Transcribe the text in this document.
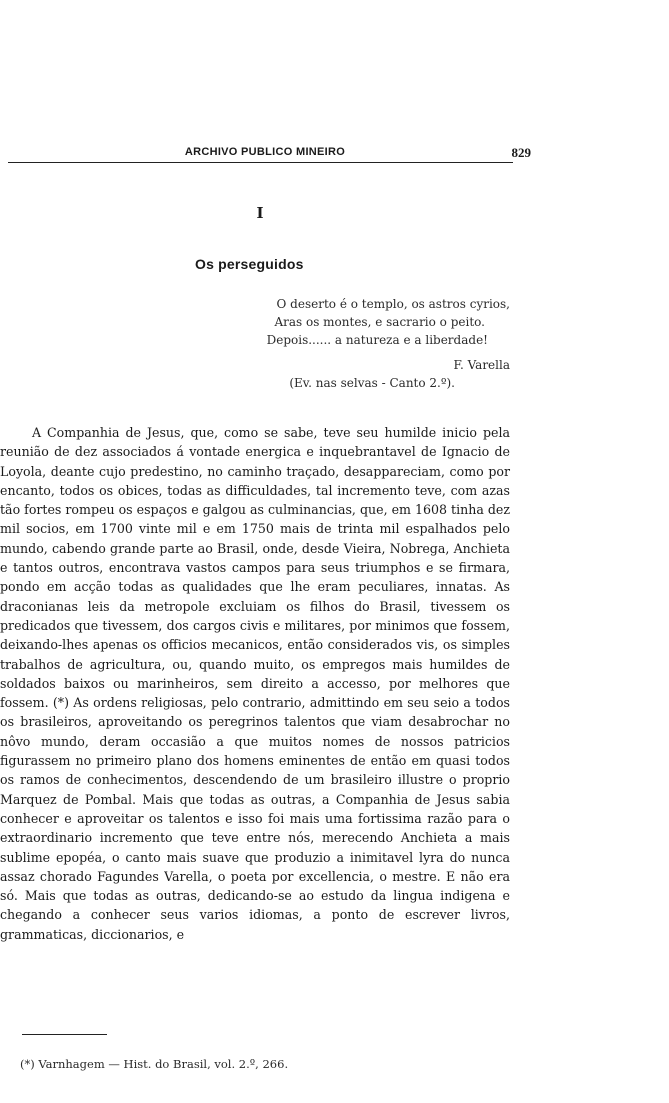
ARCHIVO PUBLICO MINEIRO	829
I
Os perseguidos
O deserto é o templo, os astros cyrios,
Aras os montes, e sacrario o peito.
Depois...... a natureza e a liberdade!
F. Varella
(Ev. nas selvas - Canto 2.º).

A Companhia de Jesus, que, como se sabe, teve seu humilde inicio pela reunião de dez associados á vontade energica e inquebrantavel de Ignacio de Loyola, deante cujo predestino, no caminho traçado, desappareciam, como por encanto, todos os obices, todas as difficuldades, tal incremento teve, com azas tão fortes rompeu os espaços e galgou as culminancias, que, em 1608 tinha dez mil socios, em 1700 vinte mil e em 1750 mais de trinta mil espalhados pelo mundo, cabendo grande parte ao Brasil, onde, desde Vieira, Nobrega, Anchieta e tantos outros, encontrava vastos campos para seus triumphos e se firmara, pondo em acção todas as qualidades que lhe eram peculiares, innatas. As draconianas leis da metropole excluiam os filhos do Brasil, tivessem os predicados que tivessem, dos cargos civis e militares, por minimos que fossem, deixando-lhes apenas os officios mecanicos, então considerados vis, os simples trabalhos de agricultura, ou, quando muito, os empregos mais humildes de soldados baixos ou marinheiros, sem direito a accesso, por melhores que fossem. (*) As ordens religiosas, pelo contrario, admittindo em seu seio a todos os brasileiros, aproveitando os peregrinos talentos que viam desabrochar no nôvo mundo, deram occasião a que muitos nomes de nossos patricios figurassem no primeiro plano dos homens eminentes de então em quasi todos os ramos de conhecimentos, descendendo de um brasileiro illustre o proprio Marquez de Pombal. Mais que todas as outras, a Companhia de Jesus sabia conhecer e aproveitar os talentos e isso foi mais uma fortissima razão para o extraordinario incremento que teve entre nós, merecendo Anchieta a mais sublime epopéa, o canto mais suave que produzio a inimitavel lyra do nunca assaz chorado Fagundes Varella, o poeta por excellencia, o mestre. E não era só. Mais que todas as outras, dedicando-se ao estudo da lingua indigena e chegando a conhecer seus varios idiomas, a ponto de escrever livros, grammaticas, diccionarios, e

(*) Varnhagem — Hist. do Brasil, vol. 2.º, 266.
